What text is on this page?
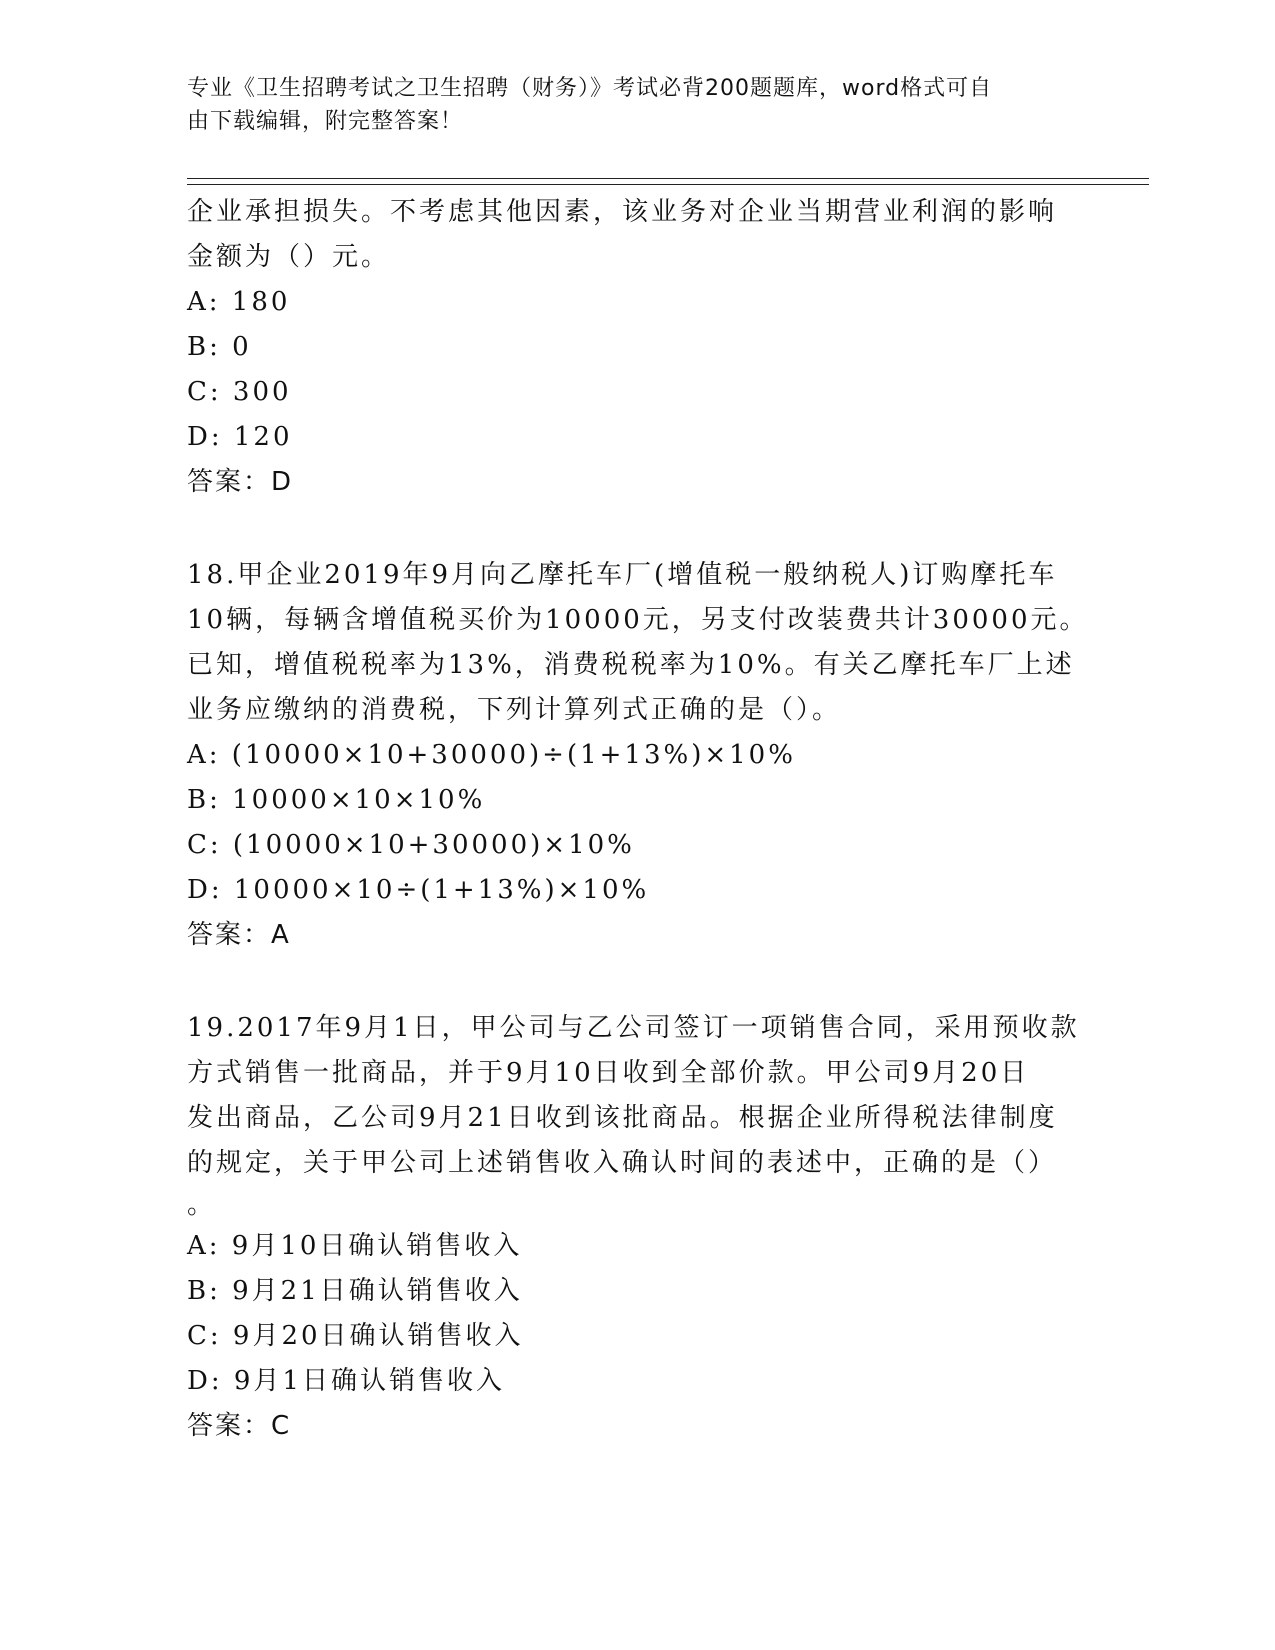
专业《卫生招聘考试之卫生招聘（财务）》考试必背200题题库，word格式可自
由下载编辑，附完整答案！
企业承担损失。不考虑其他因素，该业务对企业当期营业利润的影响
金额为（）元。
A: 180
B: 0
C: 300
D: 120
答案：D
18.甲企业2019年9月向乙摩托车厂(增值税一般纳税人)订购摩托车
10辆，每辆含增值税买价为10000元，另支付改装费共计30000元。
已知，增值税税率为13%，消费税税率为10%。有关乙摩托车厂上述
业务应缴纳的消费税，下列计算列式正确的是（）。
A: (10000×10+30000)÷(1+13%)×10%
B: 10000×10×10%
C: (10000×10+30000)×10%
D: 10000×10÷(1+13%)×10%
答案：A
19.2017年9月1日，甲公司与乙公司签订一项销售合同，采用预收款
方式销售一批商品，并于9月10日收到全部价款。甲公司9月20日
发出商品，乙公司9月21日收到该批商品。根据企业所得税法律制度
的规定，关于甲公司上述销售收入确认时间的表述中，正确的是（）
。
A: 9月10日确认销售收入
B: 9月21日确认销售收入
C: 9月20日确认销售收入
D: 9月1日确认销售收入
答案：C
